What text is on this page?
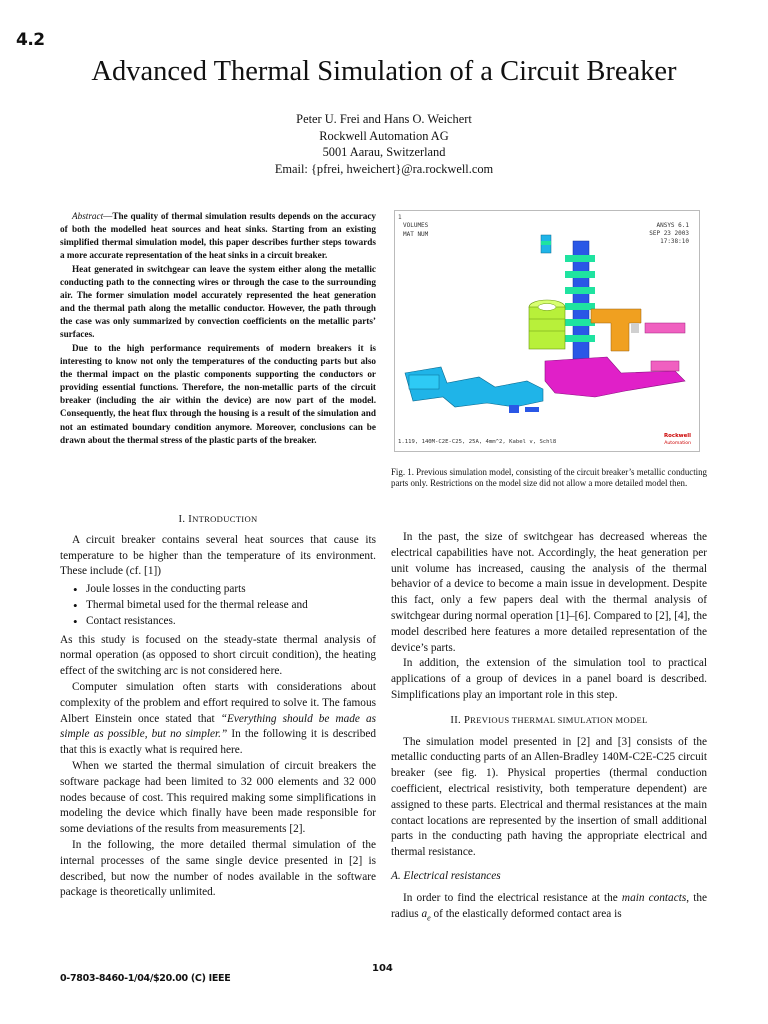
4.2
Advanced Thermal Simulation of a Circuit Breaker
Peter U. Frei and Hans O. Weichert
Rockwell Automation AG
5001 Aarau, Switzerland
Email: {pfrei, hweichert}@ra.rockwell.com

Abstract—The quality of thermal simulation results depends on the accuracy of both the modelled heat sources and heat sinks. Starting from an existing simplified thermal simulation model, this paper describes further steps towards a more accurate representation of the heat sinks in a circuit breaker.

Heat generated in switchgear can leave the system either along the metallic conducting path to the connecting wires or through the case to the surrounding air. The former simulation model accurately represented the heat generation and the thermal path along the metallic conductor. However, the path through the case was only summarized by convection coefficients on the metallic parts’ surfaces.

Due to the high performance requirements of modern breakers it is interesting to know not only the temperatures of the conducting parts but also the thermal impact on the plastic components supporting the conductors or providing essential functions. Therefore, the non-metallic parts of the circuit breaker (including the air within the device) are now part of the model. Consequently, the heat flux through the housing is a result of the simulation and not an estimated boundary condition anymore. Moreover, conclusions can be drawn about the thermal stress of the plastic parts of the breaker.

I. INTRODUCTION

A circuit breaker contains several heat sources that cause its temperature to be higher than the temperature of its environment. These include (cf. [1])

• Joule losses in the conducting parts
• Thermal bimetal used for the thermal release and
• Contact resistances.

As this study is focused on the steady-state thermal analysis of normal operation (as opposed to short circuit condition), the heating effect of the switching arc is not considered here.

Computer simulation often starts with considerations about complexity of the problem and effort required to solve it. The famous Albert Einstein once stated that “Everything should be made as simple as possible, but no simpler.” In the following it is described that this is exactly what is required here.

When we started the thermal simulation of circuit breakers the software package had been limited to 32 000 elements and 32 000 nodes because of cost. This required making some simplifications in modeling the device which finally have been made responsible for some deviations of the results from measurements [2].

In the following, the more detailed thermal simulation of the internal processes of the same single device presented in [2] is described, but now the number of nodes available in the software package is theoretically unlimited.

1
VOLUMES
MAT NUM
ANSYS 6.1
SEP 23 2003
17:38:10
1.119, 140M-C2E-C25, 25A, 4mm^2, Kabel v, Schl8
Rockwell
Automation
Fig. 1. Previous simulation model, consisting of the circuit breaker’s metallic conducting parts only. Restrictions on the model size did not allow a more detailed model then.

In the past, the size of switchgear has decreased whereas the electrical capabilities have not. Accordingly, the heat generation per unit volume has increased, causing the analysis of the thermal behavior of a device to become a main issue in development. Despite this fact, only a few papers deal with the thermal analysis of switchgear during normal operation [1]–[6]. Compared to [2], [4], the model described here features a more detailed representation of the device’s parts.

In addition, the extension of the simulation tool to practical applications of a group of devices in a panel board is described. Simplifications play an important role in this step.

II. PREVIOUS THERMAL SIMULATION MODEL

The simulation model presented in [2] and [3] consists of the metallic conducting parts of an Allen-Bradley 140M-C2E-C25 circuit breaker (see fig. 1). Physical properties (thermal conduction coefficient, electrical resistivity, both temperature dependent) are assigned to these parts. Electrical and thermal resistances at the main contact locations are represented by the insertion of small additional parts in the conducting path having the appropriate electrical and thermal resistance.

A. Electrical resistances

In order to find the electrical resistance at the main contacts, the radius $a_e$ of the elastically deformed contact area is

0-7803-8460-1/04/$20.00 (C) IEEE
104
